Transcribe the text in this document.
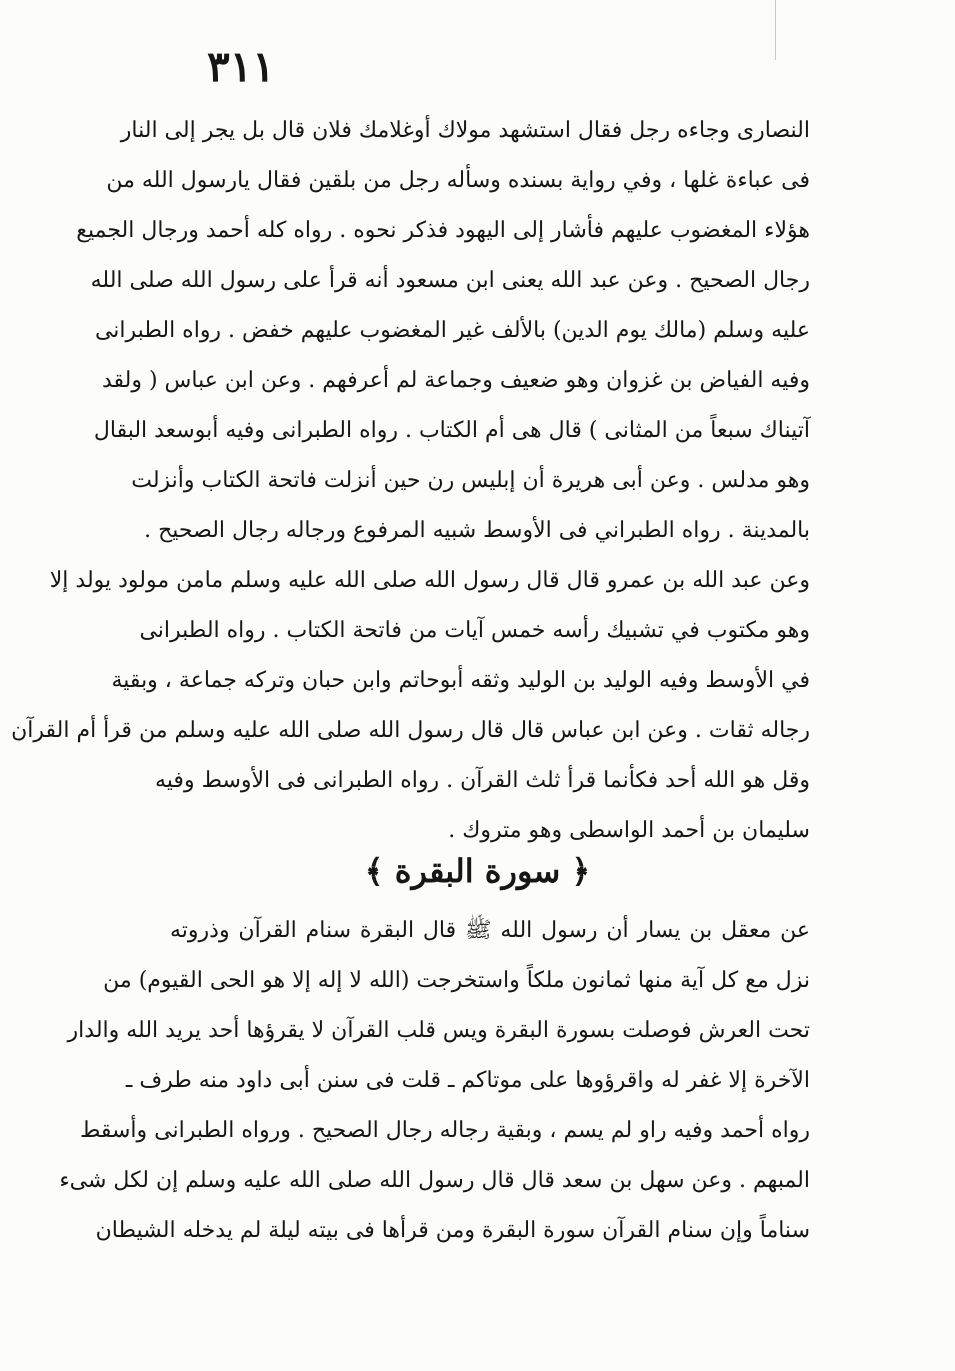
٣١١
النصارى وجاءه رجل فقال استشهد مولاك أوغلامك فلان قال بل يجر إلى النار
فى عباءة غلها ، وفي رواية بسنده وسأله رجل من بلقين فقال يارسول الله من
هؤلاء المغضوب عليهم فأشار إلى اليهود فذكر نحوه . رواه كله أحمد ورجال الجميع
رجال الصحيح . وعن عبد الله يعنى ابن مسعود أنه قرأ على رسول الله صلى الله
عليه وسلم (مالك يوم الدين) بالألف غير المغضوب عليهم خفض . رواه الطبرانى
وفيه الفياض بن غزوان وهو ضعيف وجماعة لم أعرفهم . وعن ابن عباس ( ولقد
آتيناك سبعاً من المثانى ) قال هى أم الكتاب . رواه الطبرانى وفيه أبوسعد البقال
وهو مدلس . وعن أبى هريرة أن إبليس رن حين أنزلت فاتحة الكتاب وأنزلت
بالمدينة . رواه الطبراني فى الأوسط شبيه المرفوع ورجاله رجال الصحيح .
وعن عبد الله بن عمرو قال قال رسول الله صلى الله عليه وسلم مامن مولود يولد إلا
وهو مكتوب في تشبيك رأسه خمس آيات من فاتحة الكتاب . رواه الطبرانى
في الأوسط وفيه الوليد بن الوليد وثقه أبوحاتم وابن حبان وتركه جماعة ، وبقية
رجاله ثقات . وعن ابن عباس قال قال رسول الله صلى الله عليه وسلم من قرأ أم القرآن
وقل هو الله أحد فكأنما قرأ ثلث القرآن . رواه الطبرانى فى الأوسط وفيه
سليمان بن أحمد الواسطى وهو متروك .
﴿ سورة البقرة ﴾
عن معقل بن يسار أن رسول الله ﷺ قال البقرة سنام القرآن وذروته
نزل مع كل آية منها ثمانون ملكاً واستخرجت (الله لا إله إلا هو الحى القيوم) من
تحت العرش فوصلت بسورة البقرة ويس قلب القرآن لا يقرؤها أحد يريد الله والدار
الآخرة إلا غفر له واقرؤوها على موتاكم ـ قلت فى سنن أبى داود منه طرف ـ
رواه أحمد وفيه راو لم يسم ، وبقية رجاله رجال الصحيح . ورواه الطبرانى وأسقط
المبهم . وعن سهل بن سعد قال قال رسول الله صلى الله عليه وسلم إن لكل شىء
سناماً وإن سنام القرآن سورة البقرة ومن قرأها فى بيته ليلة لم يدخله الشيطان
